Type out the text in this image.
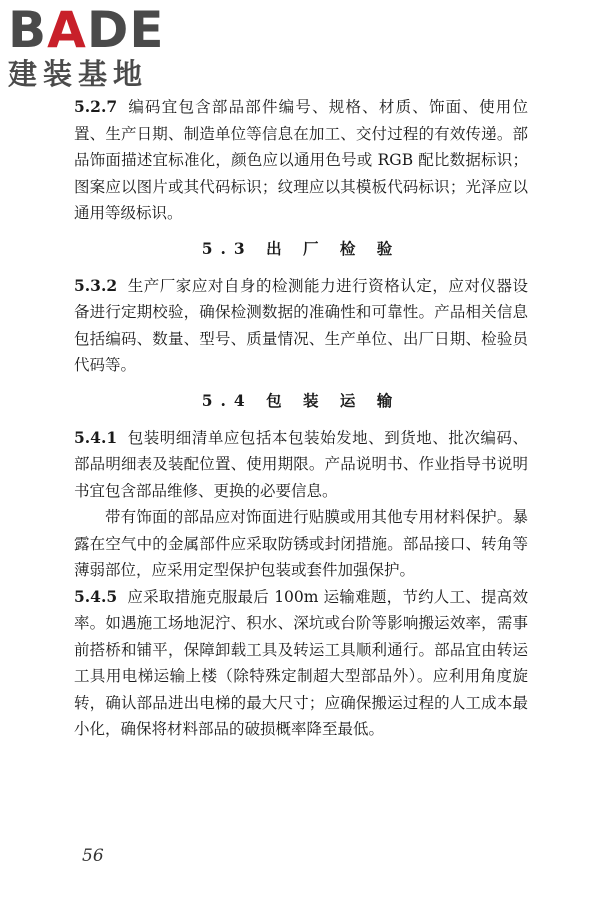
BADE
建装基地

5.2.7 编码宜包含部品部件编号、规格、材质、饰面、使用位置、生产日期、制造单位等信息在加工、交付过程的有效传递。部品饰面描述宜标准化，颜色应以通用色号或 RGB 配比数据标识；图案应以图片或其代码标识；纹理应以其模板代码标识；光泽应以通用等级标识。

5.3 出 厂 检 验

5.3.2 生产厂家应对自身的检测能力进行资格认定，应对仪器设备进行定期校验，确保检测数据的准确性和可靠性。产品相关信息包括编码、数量、型号、质量情况、生产单位、出厂日期、检验员代码等。

5.4 包 装 运 输

5.4.1 包装明细清单应包括本包装始发地、到货地、批次编码、部品明细表及装配位置、使用期限。产品说明书、作业指导书说明书宜包含部品维修、更换的必要信息。

带有饰面的部品应对饰面进行贴膜或用其他专用材料保护。暴露在空气中的金属部件应采取防锈或封闭措施。部品接口、转角等薄弱部位，应采用定型保护包装或套件加强保护。

5.4.5 应采取措施克服最后 100m 运输难题，节约人工、提高效率。如遇施工场地泥泞、积水、深坑或台阶等影响搬运效率，需事前搭桥和铺平，保障卸载工具及转运工具顺利通行。部品宜由转运工具用电梯运输上楼（除特殊定制超大型部品外）。应利用角度旋转，确认部品进出电梯的最大尺寸；应确保搬运过程的人工成本最小化，确保将材料部品的破损概率降至最低。

56
